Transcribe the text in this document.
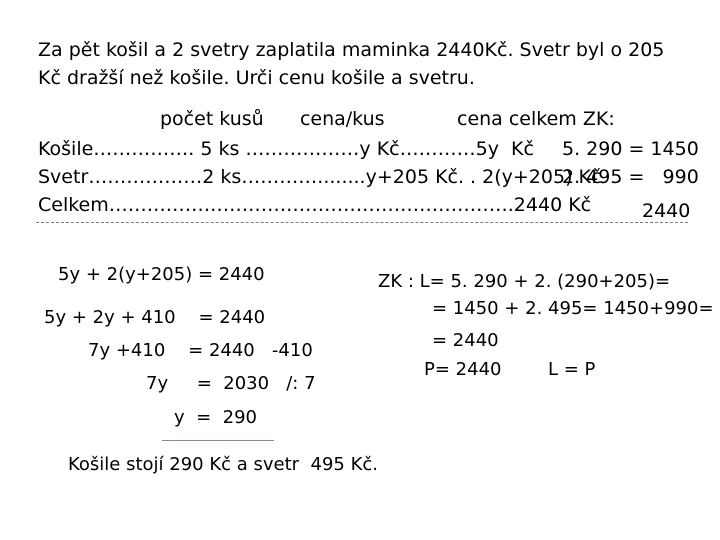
Za pět košil a 2 svetry zaplatila maminka 2440Kč. Svetr byl o 205
Kč dražší než košile. Urči cenu košile a svetru.
počet kusů      cena/kus            cena celkem ZK:
Košile……………. 5 ks ………………y Kč…………5y  Kč
Svetr………………2 ks…………........y+205 Kč. . 2(y+205) Kč
Celkem……………………………………………………….2440 Kč
5. 290 = 1450
2. 495 =   990
2440
5y + 2(y+205) = 2440
5y + 2y + 410    = 2440
7y +410    = 2440   -410
7y     =  2030   /: 7
y  =  290
ZK : L= 5. 290 + 2. (290+205)=
= 1450 + 2. 495= 1450+990=
= 2440
P= 2440	L = P
Košile stojí 290 Kč a svetr  495 Kč.
